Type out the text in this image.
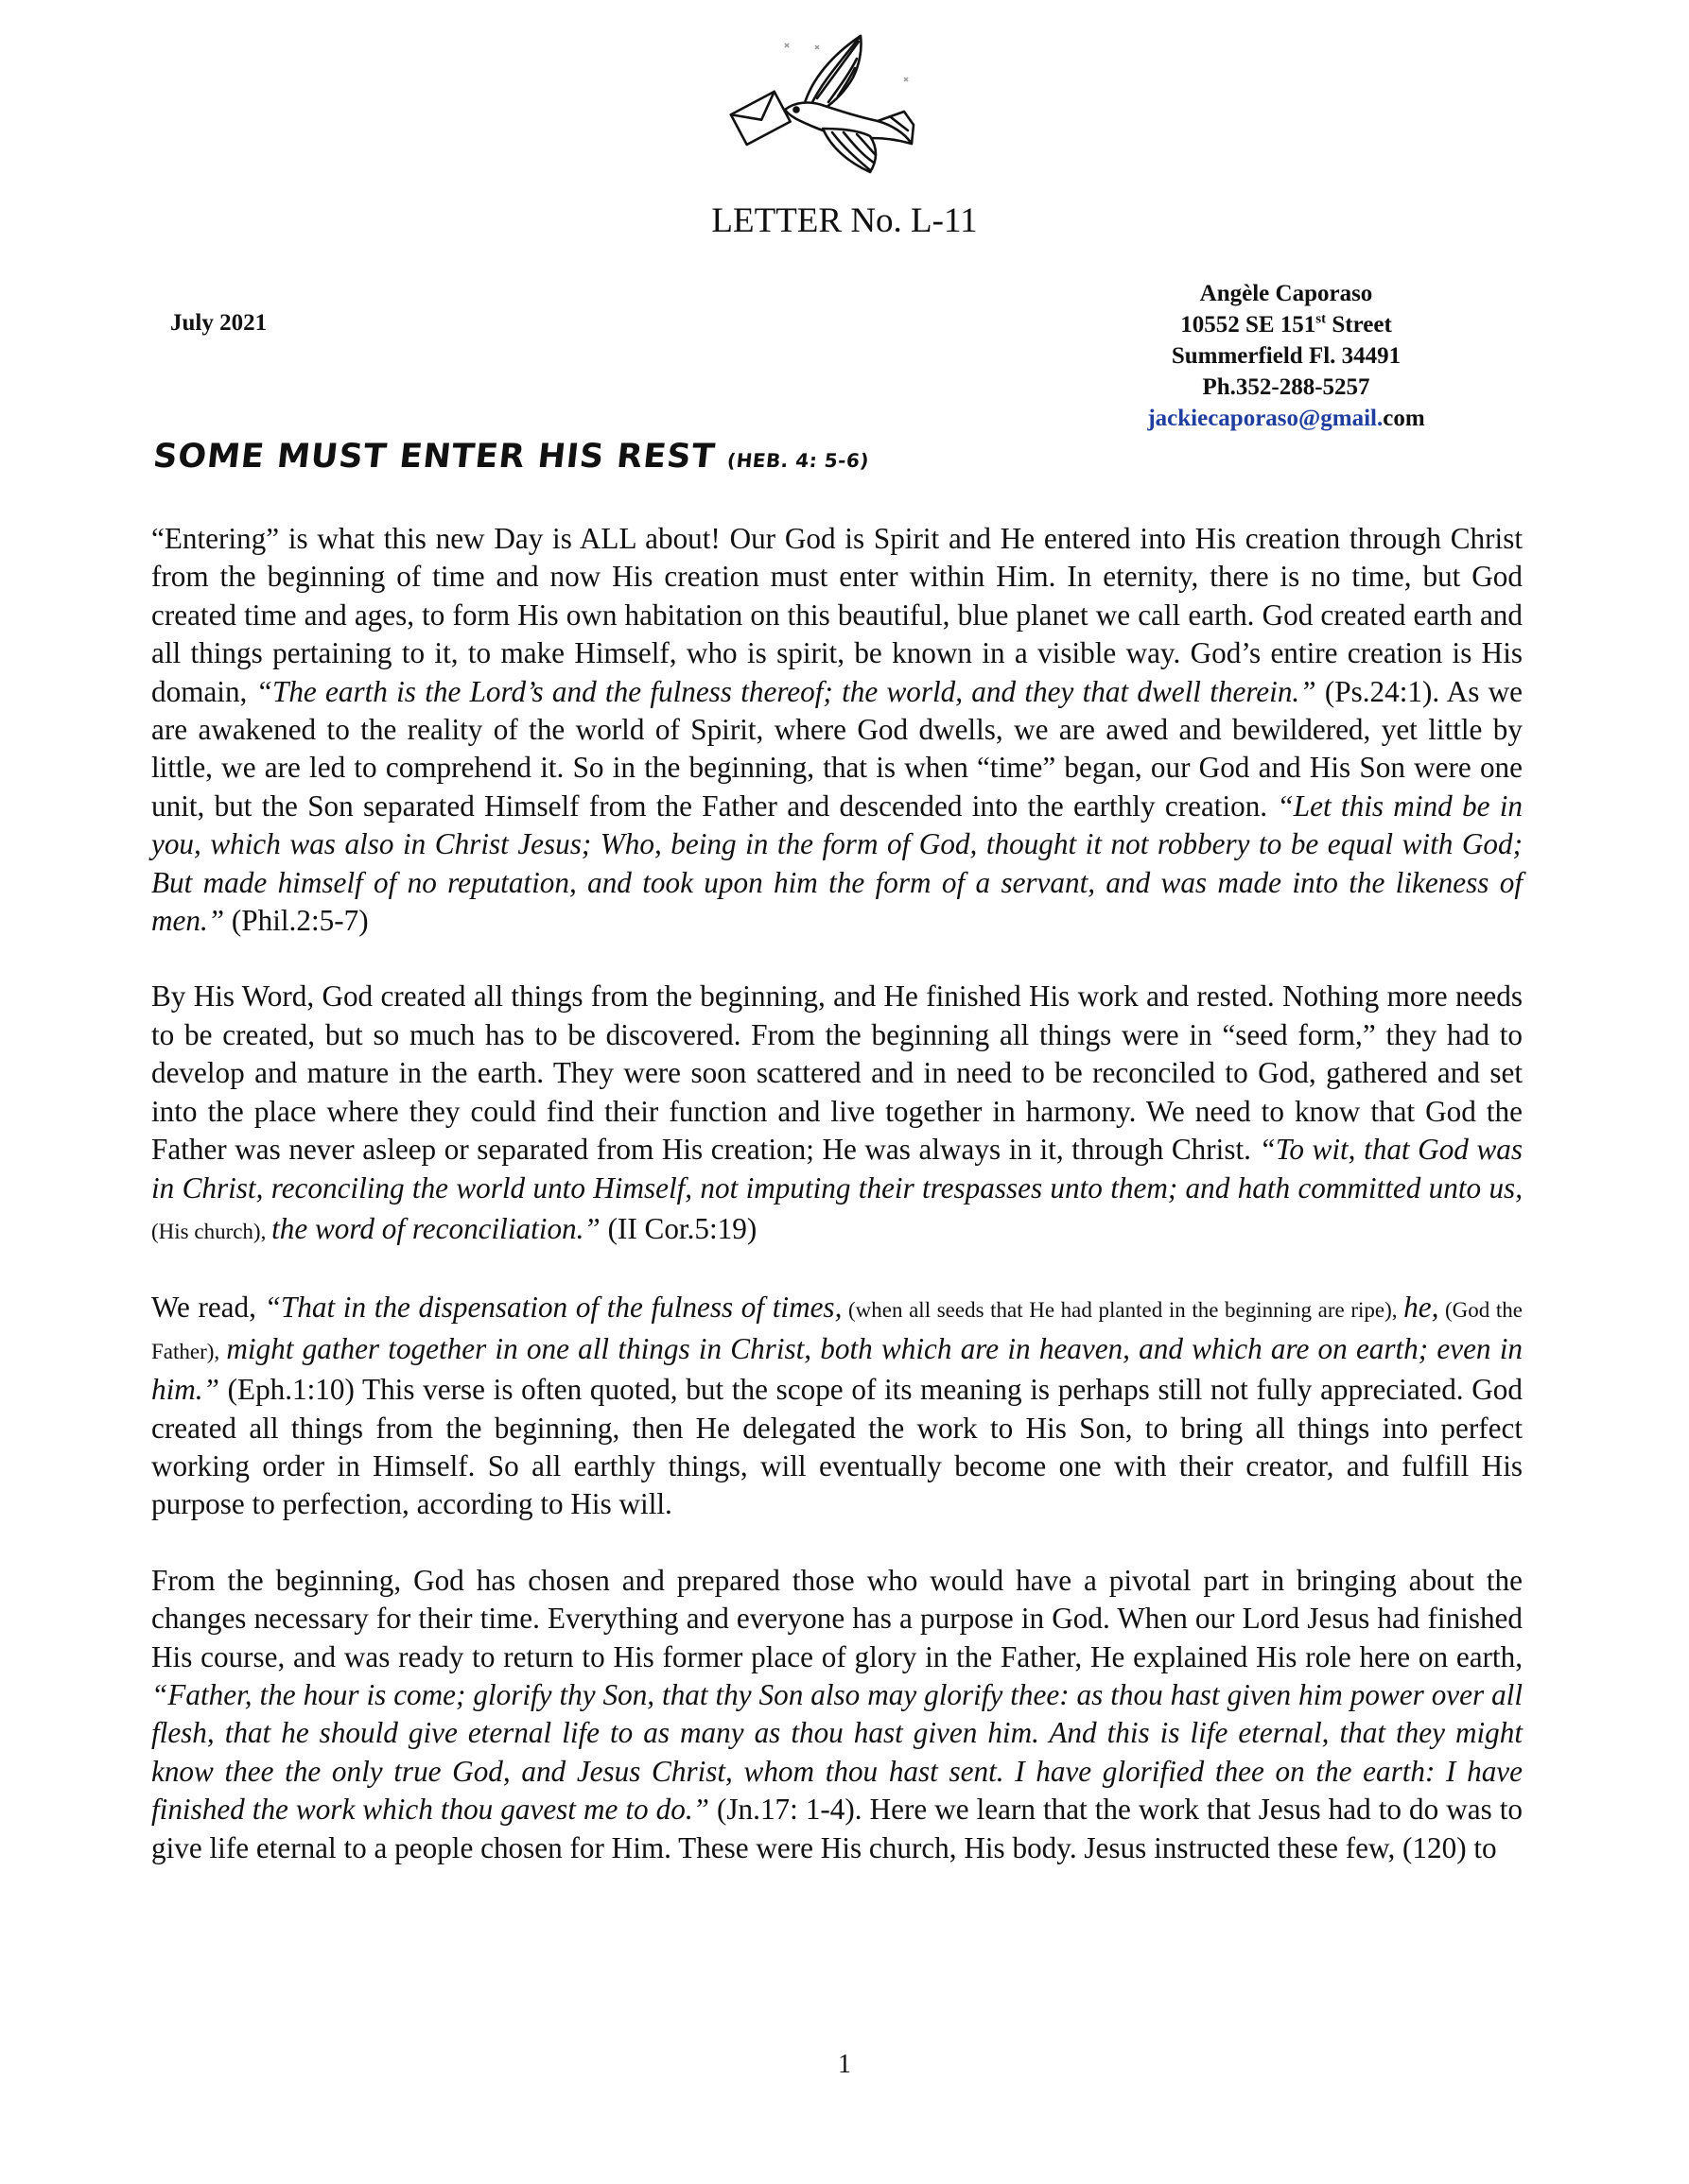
LETTER No. L-11
July 2021
Angèle Caporaso
10552 SE 151st Street
Summerfield Fl. 34491
Ph.352-288-5257
jackiecaporaso@gmail.com
SOME MUST ENTER HIS REST (HEB. 4: 5-6)

“Entering” is what this new Day is ALL about! Our God is Spirit and He entered into His creation through Christ from the beginning of time and now His creation must enter within Him. In eternity, there is no time, but God created time and ages, to form His own habitation on this beautiful, blue planet we call earth. God created earth and all things pertaining to it, to make Himself, who is spirit, be known in a visible way. God’s entire creation is His domain, “The earth is the Lord’s and the fulness thereof; the world, and they that dwell therein.” (Ps.24:1). As we are awakened to the reality of the world of Spirit, where God dwells, we are awed and bewildered, yet little by little, we are led to comprehend it. So in the beginning, that is when “time” began, our God and His Son were one unit, but the Son separated Himself from the Father and descended into the earthly creation. “Let this mind be in you, which was also in Christ Jesus; Who, being in the form of God, thought it not robbery to be equal with God; But made himself of no reputation, and took upon him the form of a servant, and was made into the likeness of men.” (Phil.2:5-7)

By His Word, God created all things from the beginning, and He finished His work and rested. Nothing more needs to be created, but so much has to be discovered. From the beginning all things were in “seed form,” they had to develop and mature in the earth. They were soon scattered and in need to be reconciled to God, gathered and set into the place where they could find their function and live together in harmony. We need to know that God the Father was never asleep or separated from His creation; He was always in it, through Christ. “To wit, that God was in Christ, reconciling the world unto Himself, not imputing their trespasses unto them; and hath committed unto us, (His church), the word of reconciliation.” (II Cor.5:19)

We read, “That in the dispensation of the fulness of times, (when all seeds that He had planted in the beginning are ripe), he, (God the Father), might gather together in one all things in Christ, both which are in heaven, and which are on earth; even in him.” (Eph.1:10) This verse is often quoted, but the scope of its meaning is perhaps still not fully appreciated. God created all things from the beginning, then He delegated the work to His Son, to bring all things into perfect working order in Himself. So all earthly things, will eventually become one with their creator, and fulfill His purpose to perfection, according to His will.

From the beginning, God has chosen and prepared those who would have a pivotal part in bringing about the changes necessary for their time. Everything and everyone has a purpose in God. When our Lord Jesus had finished His course, and was ready to return to His former place of glory in the Father, He explained His role here on earth, “Father, the hour is come; glorify thy Son, that thy Son also may glorify thee: as thou hast given him power over all flesh, that he should give eternal life to as many as thou hast given him. And this is life eternal, that they might know thee the only true God, and Jesus Christ, whom thou hast sent. I have glorified thee on the earth: I have finished the work which thou gavest me to do.” (Jn.17: 1-4). Here we learn that the work that Jesus had to do was to give life eternal to a people chosen for Him. These were His church, His body. Jesus instructed these few, (120) to

1
